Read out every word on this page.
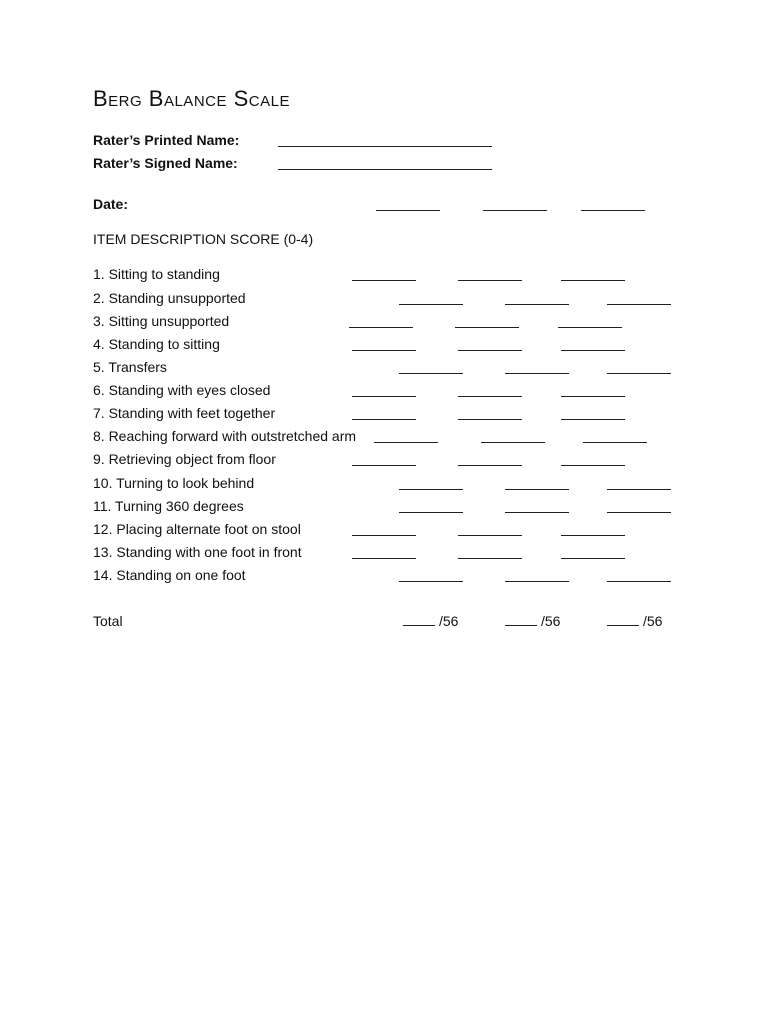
Berg Balance Scale
Rater’s Printed Name:
Rater’s Signed Name:
Date:
ITEM DESCRIPTION SCORE (0-4)
1. Sitting to standing
2. Standing unsupported
3. Sitting unsupported
4. Standing to sitting
5. Transfers
6. Standing with eyes closed
7. Standing with feet together
8. Reaching forward with outstretched arm
9. Retrieving object from floor
10. Turning to look behind
11. Turning 360 degrees
12. Placing alternate foot on stool
13. Standing with one foot in front
14. Standing on one foot
Total	/56	/56	/56
